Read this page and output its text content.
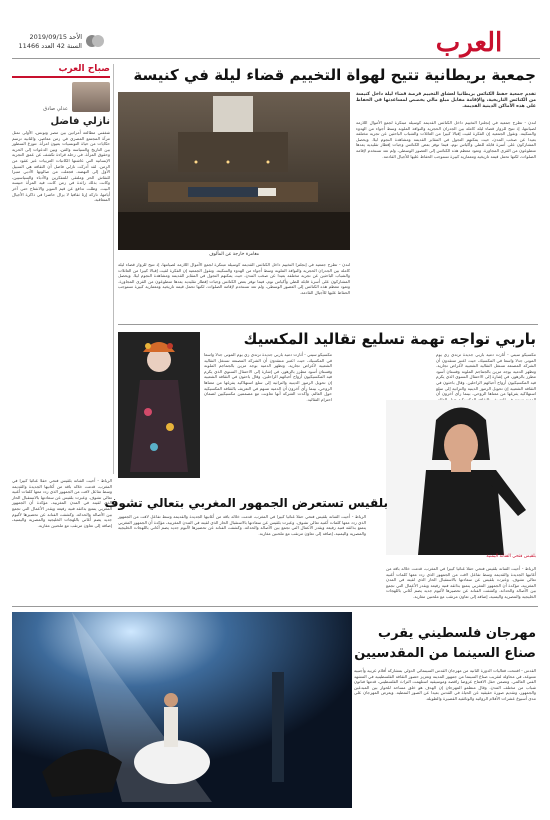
العرب
الأحد 2019/09/15
السنة 42 العدد 11466
صباح العرب
عدلي صادق
نازلي فاضل
شغفني مطالعة أمراتين بين مصر وتونس، الأولى تمثل مرآة المجتمع المصري في زمن معاصر، والثانية ترسم حكايات من حياة التونسيات بعيون امرأة. تتوزع السطور بين التاريخ والسياسة والفن، وبين الدعوات إلى الحرية وحقوق المرأة، في رحلة قراءة تكشف عن عمق التجربة الإنسانية التي عاشتها الكاتبات العربيات عبر عقود من الزمن. لقد أدركت نازلي فاضل أن الثقافة هي السبيل الأول إلى النهضة، فجعلت من صالونها الأدبي منبرا للنقاش الحر وملتقى للمفكرين والأدباء والسياسيين، وكانت بذلك رائدة في زمن كانت فيه المرأة حبيسة البيت. وظلت تدافع عن قيم التنوير والانفتاح حتى آخر أيامها، تاركة إرثا ثقافيا لا يزال حاضرا في ذاكرة الأجيال المتعاقبة.
جمعية بريطانية تتيح لهواة التخييم قضاء ليلة في كنيسة
تقدم جمعية حفظ الكنائس بريطانيا لعشاق التخييم فرصة قضاء ليلة داخل كنيسة من الكنائس التاريخية، والإقامة مقابل مبلغ مالي يخصص لمساعدتها في الحفاظ على هذه الأماكن الدينية القديمة.
مغامرة خارجة عن المألوف
لندن - تطرح جمعية في إنجلترا التخييم داخل الكنائس القديمة كوسيلة مبتكرة لجمع الأموال اللازمة لصيانتها، إذ تتيح للزوار قضاء ليلة كاملة بين الجدران الحجرية والنوافذ الملونة وسط أجواء من الهدوء والسكينة. وتقول الجمعية إن الفكرة لقيت إقبالا كبيرا من العائلات والشباب الباحثين عن تجربة مختلفة بعيدا عن صخب المدن، حيث يمكنهم التجول في المقابر القديمة ومشاهدة النجوم ليلا. ويحصل المشاركون على أسرة قابلة للطي وأكياس نوم، فيما توفر بعض الكنائس وجبات إفطار تقليدية يعدها متطوعون من القرى المجاورة. وتعود معظم هذه الكنائس إلى العصور الوسطى، ولم تعد تستخدم لإقامة الصلوات، لكنها تحمل قيمة تاريخية ومعمارية كبيرة تستوجب الحفاظ عليها للأجيال القادمة.
لندن - تطرح جمعية في إنجلترا التخييم داخل الكنائس القديمة كوسيلة مبتكرة لجمع الأموال اللازمة لصيانتها، إذ تتيح للزوار قضاء ليلة كاملة بين الجدران الحجرية والنوافذ الملونة وسط أجواء من الهدوء والسكينة. وتقول الجمعية إن الفكرة لقيت إقبالا كبيرا من العائلات والشباب الباحثين عن تجربة مختلفة بعيدا عن صخب المدن، حيث يمكنهم التجول في المقابر القديمة ومشاهدة النجوم ليلا. ويحصل المشاركون على أسرة قابلة للطي وأكياس نوم، فيما توفر بعض الكنائس وجبات إفطار تقليدية يعدها متطوعون من القرى المجاورة. وتعود معظم هذه الكنائس إلى العصور الوسطى، ولم تعد تستخدم لإقامة الصلوات، لكنها تحمل قيمة تاريخية ومعمارية كبيرة تستوجب الحفاظ عليها للأجيال القادمة.
باربي تواجه تهمة تسليع تقاليد المكسيك
مكسيكو سيتي - أثارت دمية باربي جديدة ترتدي زي يوم الموتى جدلا واسعا في المكسيك، حيث اعتبر منتقدون أن الشركة المصنعة تستغل التقاليد الشعبية لأغراض تجارية. وتظهر الدمية بوجه مزين بالجماجم الملونة وفستان أسود مطرز بالزهور، في إشارة إلى الاحتفال السنوي الذي يكرم فيه المكسيكيون أرواح أحبائهم الراحلين. وقال باحثون في الثقافة الشعبية إن تحويل الرموز الدينية والتراثية إلى سلع استهلاكية يفرغها من معناها الروحي، بينما رأى آخرون أن الدمية تسهم في التعريف بالثقافة المكسيكية حول العالم. وأكدت الشركة أنها تعاونت مع مصممين مكسيكيين لضمان احترام التقاليد.
مكسيكو سيتي - أثارت دمية باربي جديدة ترتدي زي يوم الموتى جدلا واسعا في المكسيك، حيث اعتبر منتقدون أن الشركة المصنعة تستغل التقاليد الشعبية لأغراض تجارية. وتظهر الدمية بوجه مزين بالجماجم الملونة وفستان أسود مطرز بالزهور، في إشارة إلى الاحتفال السنوي الذي يكرم فيه المكسيكيون أرواح أحبائهم الراحلين. وقال باحثون في الثقافة الشعبية إن تحويل الرموز الدينية والتراثية إلى سلع استهلاكية يفرغها من معناها الروحي، بينما رأى آخرون أن
بلقيس تستعرض الجمهور المغربي بتعالي تشوف
بلقيس فتحي الفنانة اليمنية
الرباط - أحيت الفنانة بلقيس فتحي حفلا غنائيا كبيرا في المغرب، قدمت خلاله باقة من أغانيها الجديدة والقديمة وسط تفاعل لافت من الجمهور الذي ردد معها كلمات أغنية تعالي تشوف. وعبرت بلقيس عن سعادتها بالاستقبال الحار الذي لقيته في المدن المغربية، مؤكدة أن الجمهور المغربي يتمتع بذائقة فنية رفيعة ويقدر الأعمال التي تجمع بين الأصالة والحداثة. وكشفت الفنانة عن تحضيرها لألبوم جديد يضم أغاني باللهجات الخليجية والمصرية واليمنية، إضافة إلى تعاون مرتقب مع ملحنين مغاربة.
الرباط - أحيت الفنانة بلقيس فتحي حفلا غنائيا كبيرا في المغرب، قدمت خلاله باقة من أغانيها الجديدة والقديمة وسط تفاعل لافت من الجمهور الذي ردد معها كلمات أغنية تعالي تشوف. وعبرت بلقيس عن سعادتها بالاستقبال الحار الذي لقيته في المدن المغربية، مؤكدة أن الجمهور المغربي يتمتع بذائقة فنية رفيعة ويقدر الأعمال التي تجمع بين الأصالة والحداثة. وكشفت الفنانة عن تحضيرها لألبوم جديد يضم أغاني باللهجات الخليجية والمصرية واليمنية، إضافة إلى تعاون مرتقب مع ملحنين مغاربة.
الرباط - أحيت الفنانة بلقيس فتحي حفلا غنائيا كبيرا في المغرب، قدمت خلاله باقة من أغانيها الجديدة والقديمة وسط تفاعل لافت من الجمهور الذي ردد معها كلمات أغنية تعالي تشوف. وعبرت بلقيس عن سعادتها بالاستقبال الحار الذي لقيته في المدن المغربية، مؤكدة أن الجمهور المغربي يتمتع بذائقة فنية رفيعة ويقدر الأعمال التي تجمع بين الأصالة والحداثة. وكشفت الفنانة عن تحضيرها لألبوم جديد يضم أغاني باللهجات الخليجية والمصرية واليمنية، إضافة إلى تعاون مرتقب مع ملحنين مغاربة.
مهرجان فلسطيني يقرب
صناع السينما من المقدسيين
القدس - افتتحت فعاليات الدورة الثانية من مهرجان القدس السينمائي الدولي بمشاركة أفلام عربية وأجنبية متنوعة، في محاولة لتقريب صناع السينما من جمهور المدينة وتعزيز حضور الثقافة الفلسطينية في المشهد الفني العالمي. وتضمن حفل الافتتاح عروضا راقصة وموسيقية استلهمت التراث الفلسطيني، قدمها فنانون شباب من مختلف المدن. وقال منظمو المهرجان إن الهدف هو خلق مساحة للحوار بين المبدعين والجمهور، وتقديم صورة حقيقية عن الحياة في القدس بعيدا عن الصور النمطية. ويعرض المهرجان على مدى أسبوع عشرات الأفلام الروائية والوثائقية القصيرة والطويلة.
